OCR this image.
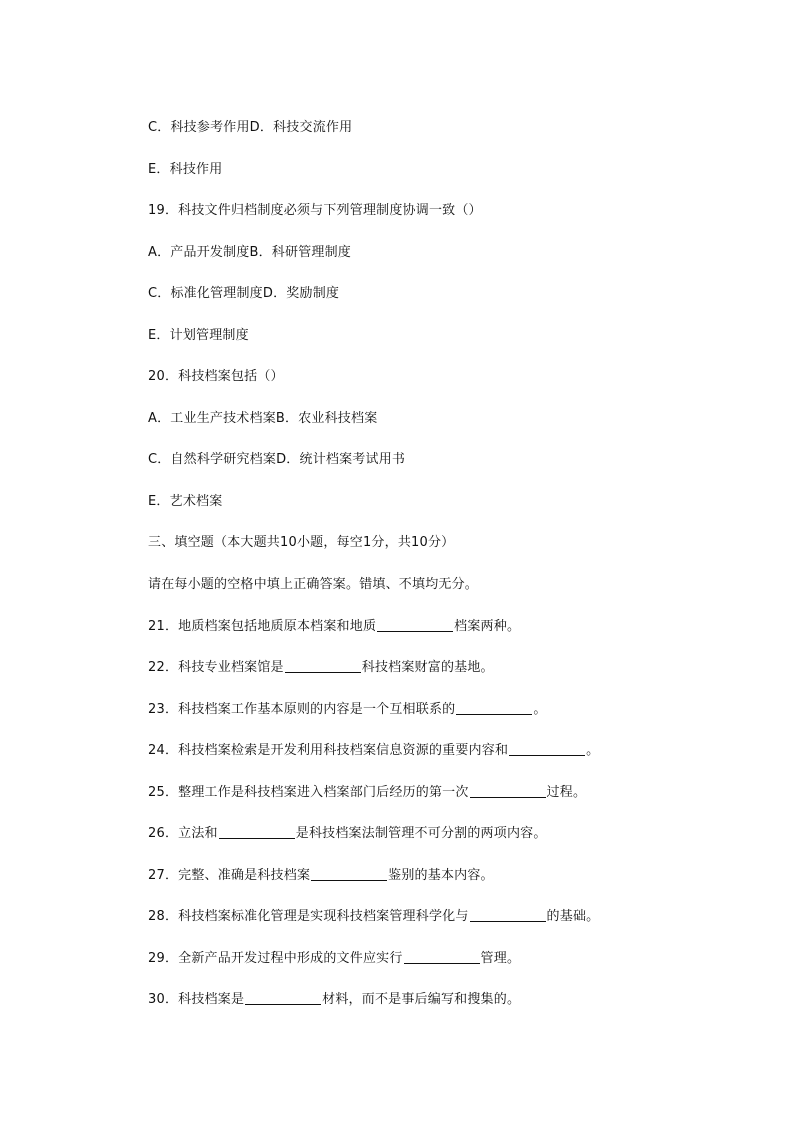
C．科技参考作用D．科技交流作用
E．科技作用
19．科技文件归档制度必须与下列管理制度协调一致（）
A．产品开发制度B．科研管理制度
C．标准化管理制度D．奖励制度
E．计划管理制度
20．科技档案包括（）
A．工业生产技术档案B．农业科技档案
C．自然科学研究档案D．统计档案考试用书
E．艺术档案
三、填空题（本大题共10小题，每空1分，共10分）
请在每小题的空格中填上正确答案。错填、不填均无分。
21．地质档案包括地质原本档案和地质	档案两种。
22．科技专业档案馆是	科技档案财富的基地。
23．科技档案工作基本原则的内容是一个互相联系的	。
24．科技档案检索是开发利用科技档案信息资源的重要内容和	。
25．整理工作是科技档案进入档案部门后经历的第一次	过程。
26．立法和	是科技档案法制管理不可分割的两项内容。
27．完整、准确是科技档案	鉴别的基本内容。
28．科技档案标准化管理是实现科技档案管理科学化与	的基础。
29．全新产品开发过程中形成的文件应实行	管理。
30．科技档案是	材料，而不是事后编写和搜集的。
